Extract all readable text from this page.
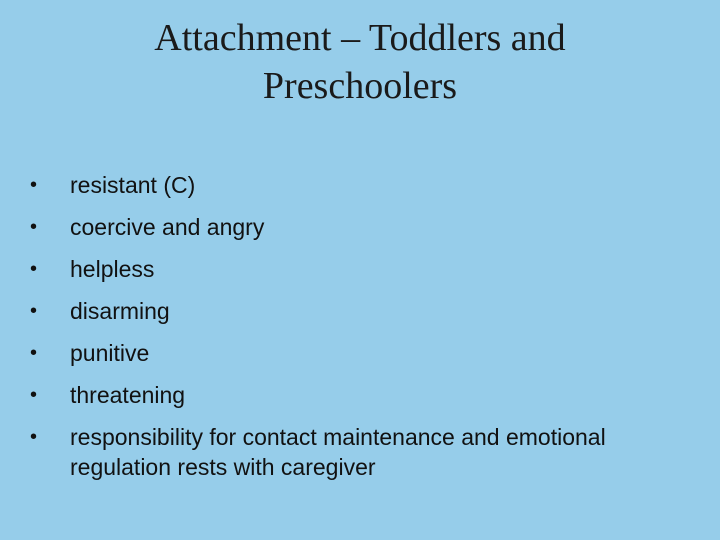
Attachment – Toddlers and
Preschoolers
•	resistant (C)
•	coercive and angry
•	helpless
•	disarming
•	punitive
•	threatening
•	responsibility for contact maintenance and emotional regulation rests with caregiver
